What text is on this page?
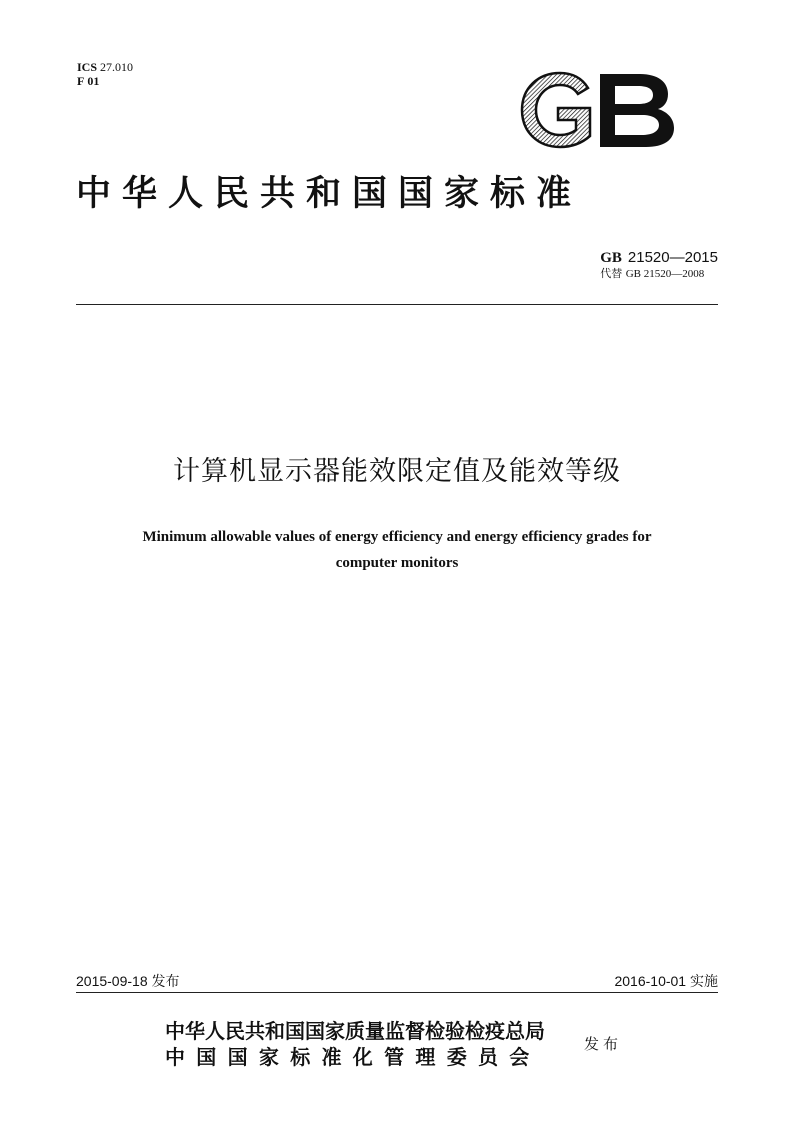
ICS 27.010
F 01
中华人民共和国国家标准
GB 21520—2015
代替 GB 21520—2008
计算机显示器能效限定值及能效等级
Minimum allowable values of energy efficiency and energy efficiency grades for
computer monitors
2015-09-18 发布	2016-10-01 实施
中华人民共和国国家质量监督检验检疫总局
中国国家标准化管理委员会
发布
